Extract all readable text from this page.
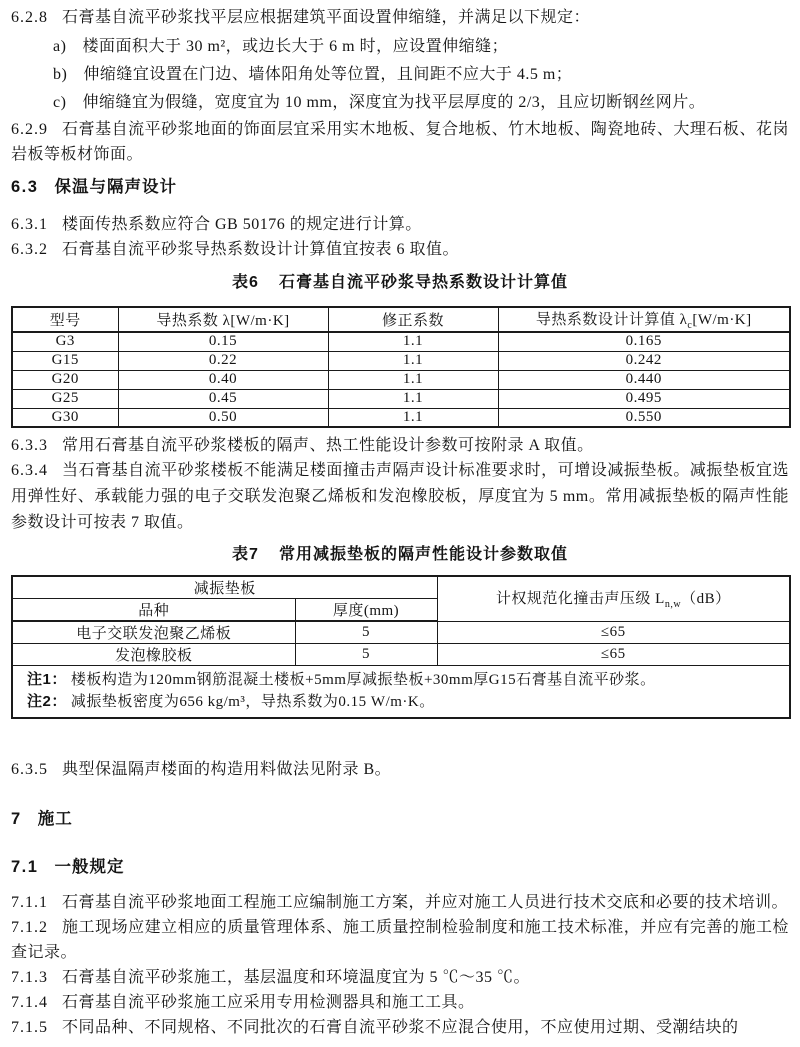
6.2.8 石膏基自流平砂浆找平层应根据建筑平面设置伸缩缝，并满足以下规定：

a) 楼面面积大于 30 m²，或边长大于 6 m 时，应设置伸缩缝；

b) 伸缩缝宜设置在门边、墙体阳角处等位置，且间距不应大于 4.5 m；

c) 伸缩缝宜为假缝，宽度宜为 10 mm，深度宜为找平层厚度的 2/3，且应切断钢丝网片。

6.2.9 石膏基自流平砂浆地面的饰面层宜采用实木地板、复合地板、竹木地板、陶瓷地砖、大理石板、花岗岩板等板材饰面。

6.3 保温与隔声设计

6.3.1 楼面传热系数应符合 GB 50176 的规定进行计算。

6.3.2 石膏基自流平砂浆导热系数设计计算值宜按表 6 取值。

表6 石膏基自流平砂浆导热系数设计计算值

型号	导热系数 λ[W/m·K]	修正系数	导热系数设计计算值 $\lambda_c[W/m\cdot K]$
G3	0.15	1.1	0.165
G15	0.22	1.1	0.242
G20	0.40	1.1	0.440
G25	0.45	1.1	0.495
G30	0.50	1.1	0.550

6.3.3 常用石膏基自流平砂浆楼板的隔声、热工性能设计参数可按附录 A 取值。

6.3.4 当石膏基自流平砂浆楼板不能满足楼面撞击声隔声设计标准要求时，可增设减振垫板。减振垫板宜选用弹性好、承载能力强的电子交联发泡聚乙烯板和发泡橡胶板，厚度宜为 5 mm。常用减振垫板的隔声性能参数设计可按表 7 取值。

表7 常用减振垫板的隔声性能设计参数取值

减振垫板		计权规范化撞击声压级 $L_{n,w}(dB)$
品种	厚度(mm)	
电子交联发泡聚乙烯板	5	≤65
发泡橡胶板	5	≤65

注1： 楼板构造为120mm钢筋混凝土楼板+5mm厚减振垫板+30mm厚G15石膏基自流平砂浆。
注2： 减振垫板密度为656 kg/m³，导热系数为0.15 W/m·K。		

6.3.5 典型保温隔声楼面的构造用料做法见附录 B。

7 施工
7.1 一般规定

7.1.1 石膏基自流平砂浆地面工程施工应编制施工方案，并应对施工人员进行技术交底和必要的技术培训。

7.1.2 施工现场应建立相应的质量管理体系、施工质量控制检验制度和施工技术标准，并应有完善的施工检查记录。

7.1.3 石膏基自流平砂浆施工，基层温度和环境温度宜为 5 ℃～35 ℃。

7.1.4 石膏基自流平砂浆施工应采用专用检测器具和施工工具。

7.1.5 不同品种、不同规格、不同批次的石膏自流平砂浆不应混合使用，不应使用过期、受潮结块的
